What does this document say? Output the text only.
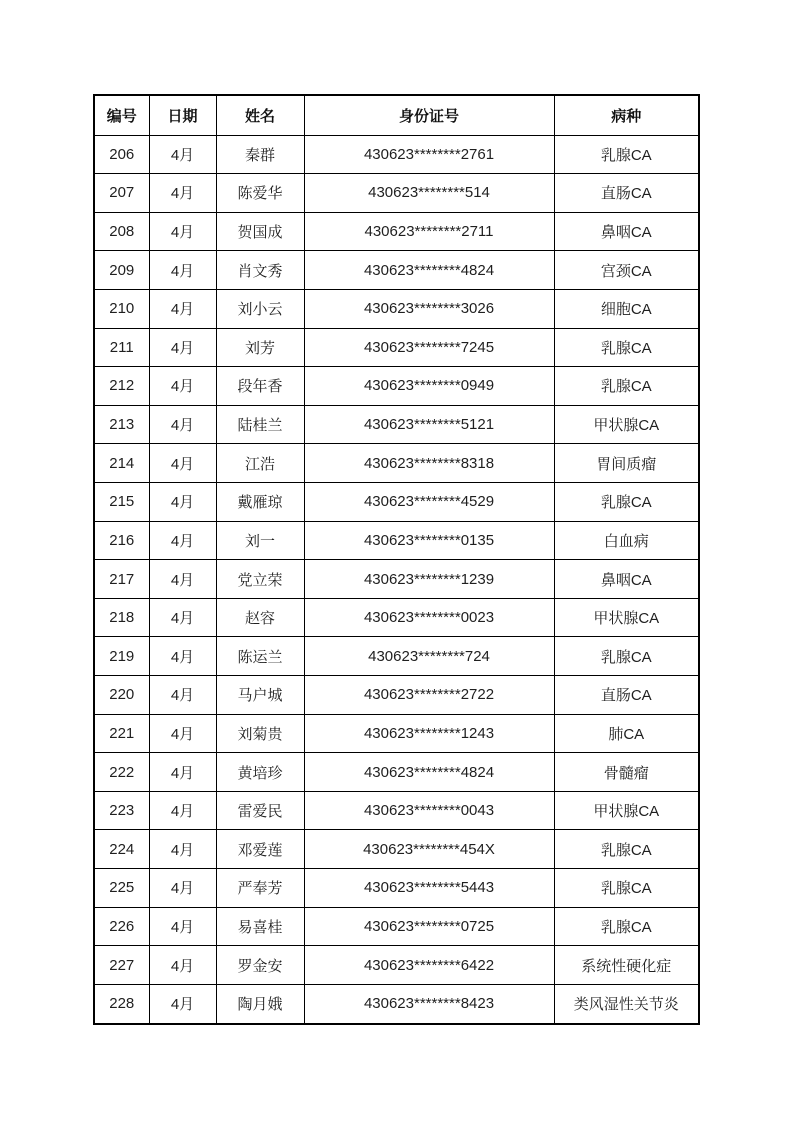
编号	日期	姓名	身份证号	病种
206	4月	秦群	430623********2761	乳腺CA
207	4月	陈爱华	430623********514	直肠CA
208	4月	贺国成	430623********2711	鼻咽CA
209	4月	肖文秀	430623********4824	宫颈CA
210	4月	刘小云	430623********3026	细胞CA
211	4月	刘芳	430623********7245	乳腺CA
212	4月	段年香	430623********0949	乳腺CA
213	4月	陆桂兰	430623********5121	甲状腺CA
214	4月	江浩	430623********8318	胃间质瘤
215	4月	戴雁琼	430623********4529	乳腺CA
216	4月	刘一	430623********0135	白血病
217	4月	党立荣	430623********1239	鼻咽CA
218	4月	赵容	430623********0023	甲状腺CA
219	4月	陈运兰	430623********724	乳腺CA
220	4月	马户城	430623********2722	直肠CA
221	4月	刘菊贵	430623********1243	肺CA
222	4月	黄培珍	430623********4824	骨髓瘤
223	4月	雷爱民	430623********0043	甲状腺CA
224	4月	邓爱莲	430623********454X	乳腺CA
225	4月	严奉芳	430623********5443	乳腺CA
226	4月	易喜桂	430623********0725	乳腺CA
227	4月	罗金安	430623********6422	系统性硬化症
228	4月	陶月娥	430623********8423	类风湿性关节炎
